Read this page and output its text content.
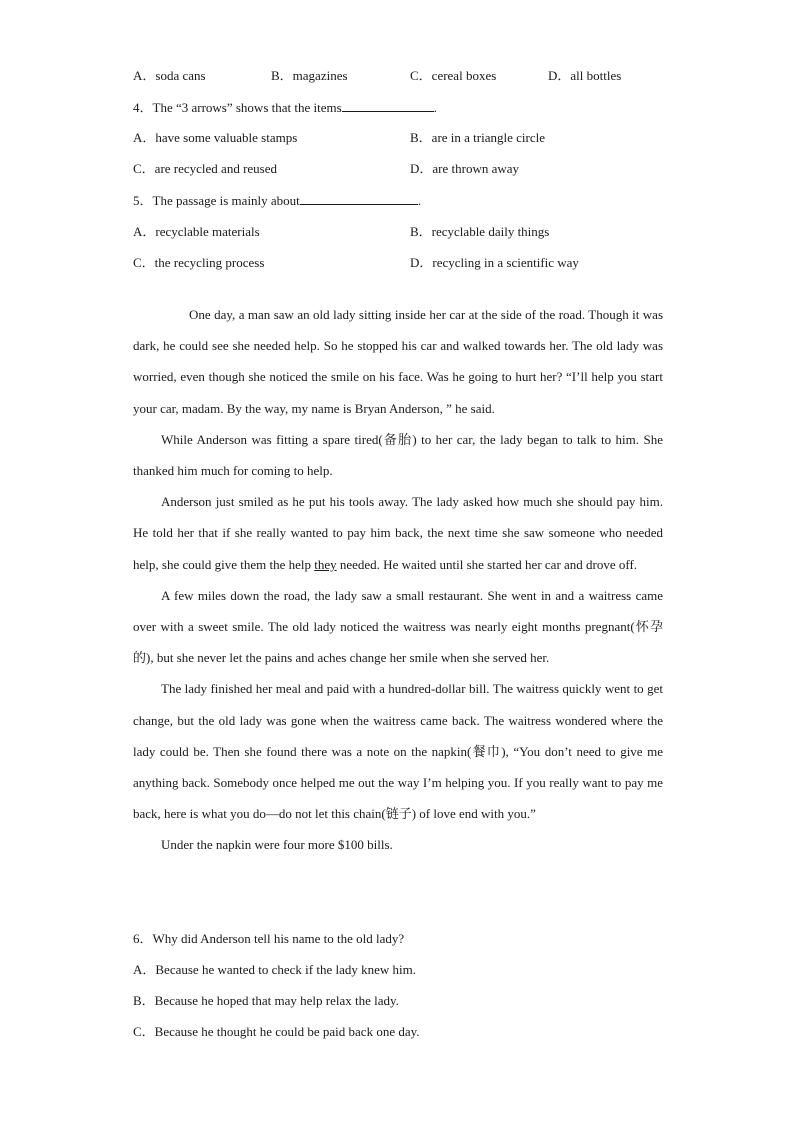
A．soda cans	B．magazines	C．cereal boxes	D．all bottles
4．The “3 arrows” shows that the items	.
A．have some valuable stamps	B．are in a triangle circle
C．are recycled and reused	D．are thrown away
5．The passage is mainly about	.
A．recyclable materials	B．recyclable daily things
C．the recycling process	D．recycling in a scientific way

One day, a man saw an old lady sitting inside her car at the side of the road. Though it was dark, he could see she needed help. So he stopped his car and walked towards her. The old lady was worried, even though she noticed the smile on his face. Was he going to hurt her? “I’ll help you start your car, madam. By the way, my name is Bryan Anderson, ” he said.

While Anderson was fitting a spare tired(备胎) to her car, the lady began to talk to him. She thanked him much for coming to help.

Anderson just smiled as he put his tools away. The lady asked how much she should pay him. He told her that if she really wanted to pay him back, the next time she saw someone who needed help, she could give them the help they needed. He waited until she started her car and drove off.

A few miles down the road, the lady saw a small restaurant. She went in and a waitress came over with a sweet smile. The old lady noticed the waitress was nearly eight months pregnant(怀孕的), but she never let the pains and aches change her smile when she served her.

The lady finished her meal and paid with a hundred-dollar bill. The waitress quickly went to get change, but the old lady was gone when the waitress came back. The waitress wondered where the lady could be. Then she found there was a note on the napkin(餐巾), “You don’t need to give me anything back. Somebody once helped me out the way I’m helping you. If you really want to pay me back, here is what you do—do not let this chain(链子) of love end with you.”

Under the napkin were four more $100 bills.

6．Why did Anderson tell his name to the old lady?
A．Because he wanted to check if the lady knew him.
B．Because he hoped that may help relax the lady.
C．Because he thought he could be paid back one day.
